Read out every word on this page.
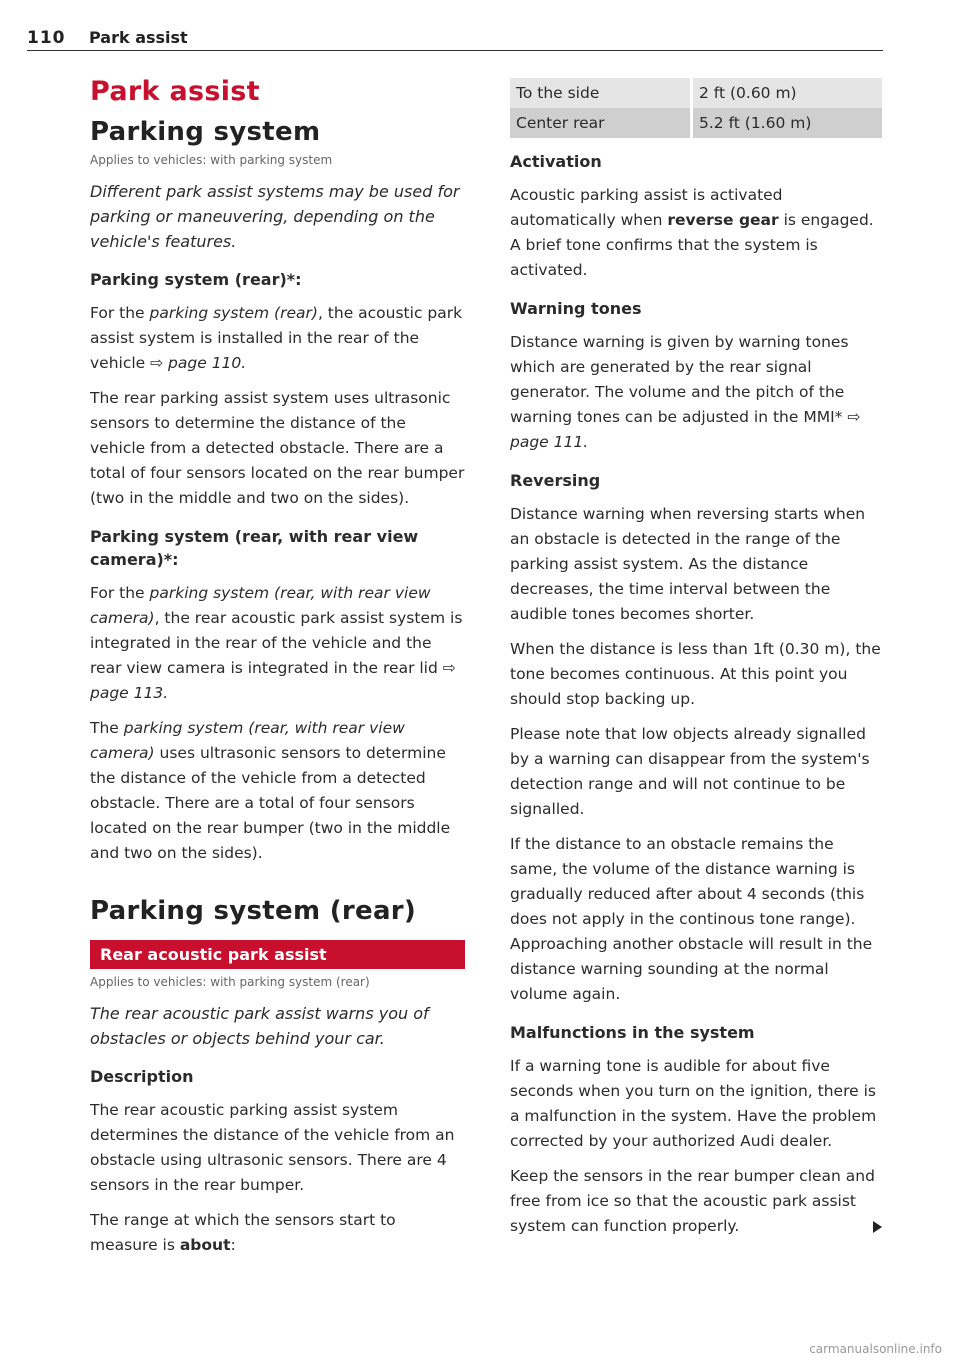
110 Park assist
Park assist
Parking system
Applies to vehicles: with parking system

Different park assist systems may be used for parking or maneuvering, depending on the vehicle's features.

Parking system (rear)*:

For the parking system (rear), the acoustic park assist system is installed in the rear of the vehicle ⇨ page 110.

The rear parking assist system uses ultrasonic sensors to determine the distance of the vehicle from a detected obstacle. There are a total of four sensors located on the rear bumper (two in the middle and two on the sides).

Parking system (rear, with rear view camera)*:

For the parking system (rear, with rear view camera), the rear acoustic park assist system is integrated in the rear of the vehicle and the rear view camera is integrated in the rear lid ⇨ page 113.

The parking system (rear, with rear view camera) uses ultrasonic sensors to determine the distance of the vehicle from a detected obstacle. There are a total of four sensors located on the rear bumper (two in the middle and two on the sides).

Parking system (rear)
Rear acoustic park assist
Applies to vehicles: with parking system (rear)

The rear acoustic park assist warns you of obstacles or objects behind your car.

Description

The rear acoustic parking assist system determines the distance of the vehicle from an obstacle using ultrasonic sensors. There are 4 sensors in the rear bumper.

The range at which the sensors start to measure is about:

To the side	2 ft (0.60 m)
Center rear	5.2 ft (1.60 m)
Activation

Acoustic parking assist is activated automatically when reverse gear is engaged. A brief tone confirms that the system is activated.

Warning tones

Distance warning is given by warning tones which are generated by the rear signal generator. The volume and the pitch of the warning tones can be adjusted in the MMI* ⇨ page 111.

Reversing

Distance warning when reversing starts when an obstacle is detected in the range of the parking assist system. As the distance decreases, the time interval between the audible tones becomes shorter.

When the distance is less than 1ft (0.30 m), the tone becomes continuous. At this point you should stop backing up.

Please note that low objects already signalled by a warning can disappear from the system's detection range and will not continue to be signalled.

If the distance to an obstacle remains the same, the volume of the distance warning is gradually reduced after about 4 seconds (this does not apply in the continous tone range). Approaching another obstacle will result in the distance warning sounding at the normal volume again.

Malfunctions in the system

If a warning tone is audible for about five seconds when you turn on the ignition, there is a malfunction in the system. Have the problem corrected by your authorized Audi dealer.

Keep the sensors in the rear bumper clean and free from ice so that the acoustic park assist system can function properly.

carmanualsonline.info
